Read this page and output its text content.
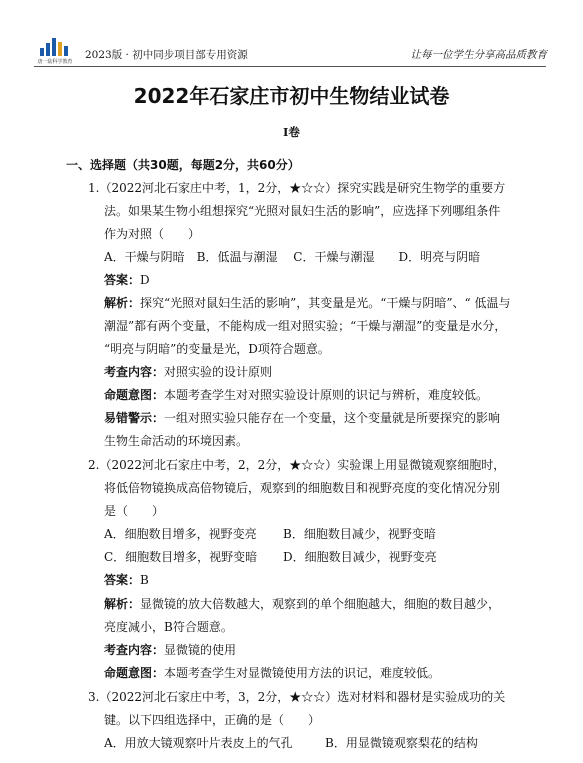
唐一陆科学教育
2023版 · 初中同步项目部专用资源	让每一位学生分享高品质教育
2022年石家庄市初中生物结业试卷
I卷
一、选择题（共30题，每题2分，共60分）
1.（2022河北石家庄中考，1，2分，★☆☆）探究实践是研究生物学的重要方
法。如果某生物小组想探究“光照对鼠妇生活的影响”，应选择下列哪组条件
作为对照（　　）
A．干燥与阴暗　B．低温与潮湿　 C．干燥与潮湿　　D．明亮与阴暗
答案：D
解析：探究“光照对鼠妇生活的影响”，其变量是光。“干燥与阴暗”、“ 低温与
潮湿”都有两个变量，不能构成一组对照实验；“干燥与潮湿”的变量是水分，
“明亮与阴暗”的变量是光，D项符合题意。
考查内容：对照实验的设计原则
命题意图：本题考查学生对对照实验设计原则的识记与辨析，难度较低。
易错警示：一组对照实验只能存在一个变量，这个变量就是所要探究的影响
生物生命活动的环境因素。
2.（2022河北石家庄中考，2，2分，★☆☆）实验课上用显微镜观察细胞时，
将低倍物镜换成高倍物镜后，观察到的细胞数目和视野亮度的变化情况分别
是（　　）
A．细胞数目增多，视野变亮 B．细胞数目减少，视野变暗
C．细胞数目增多，视野变暗 D．细胞数目减少，视野变亮
答案：B
解析：显微镜的放大倍数越大，观察到的单个细胞越大，细胞的数目越少，
亮度减小，B符合题意。
考查内容：显微镜的使用
命题意图：本题考查学生对显微镜使用方法的识记，难度较低。
3.（2022河北石家庄中考，3，2分，★☆☆）选对材料和器材是实验成功的关
键。以下四组选择中，正确的是（　　）
A．用放大镜观察叶片表皮上的气孔	B．用显微镜观察梨花的结构
